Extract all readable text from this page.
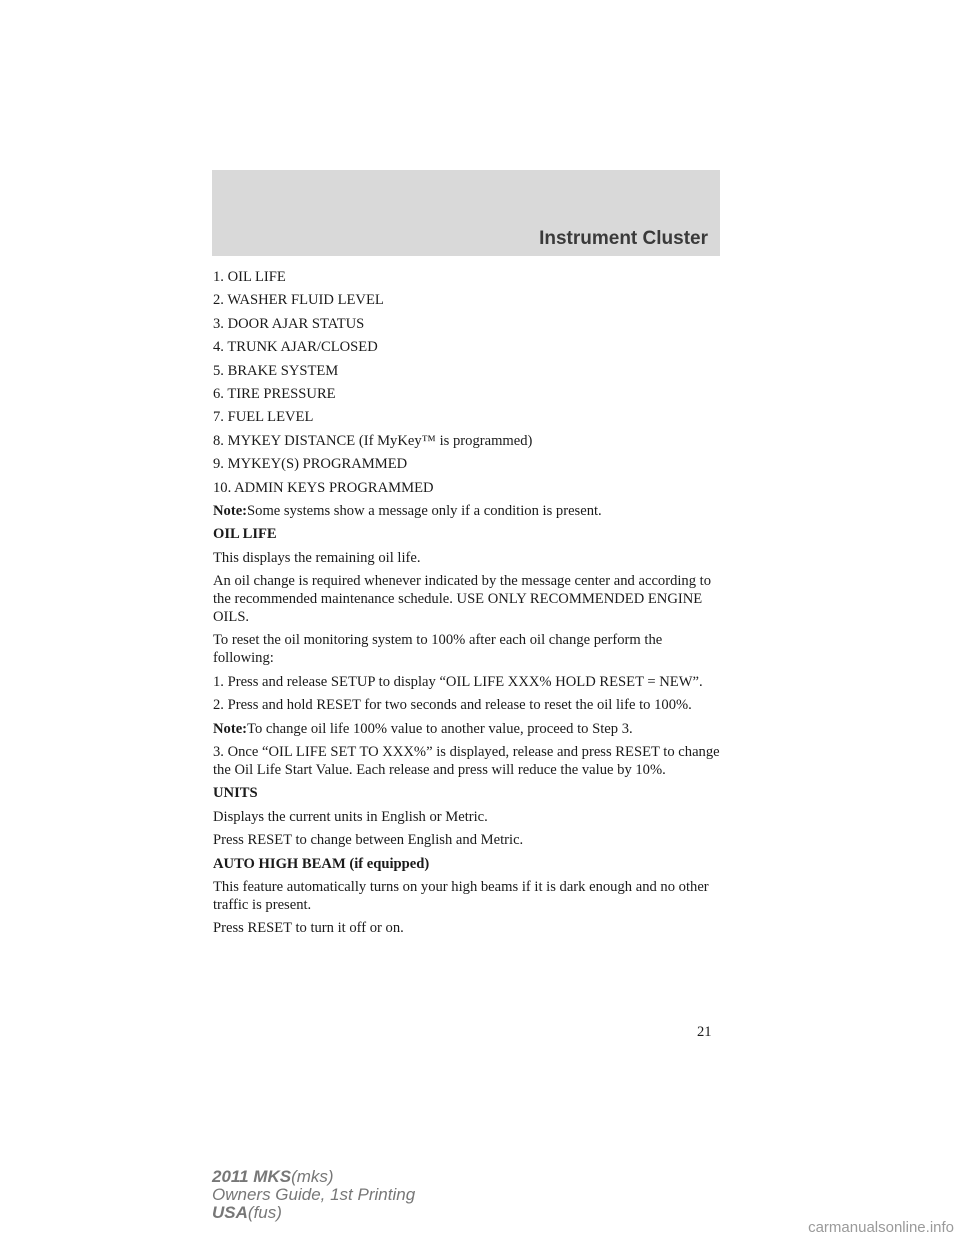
Instrument Cluster
1. OIL LIFE
2. WASHER FLUID LEVEL
3. DOOR AJAR STATUS
4. TRUNK AJAR/CLOSED
5. BRAKE SYSTEM
6. TIRE PRESSURE
7. FUEL LEVEL
8. MYKEY DISTANCE (If MyKey™ is programmed)
9. MYKEY(S) PROGRAMMED
10. ADMIN KEYS PROGRAMMED
Note:Some systems show a message only if a condition is present.
OIL LIFE
This displays the remaining oil life.
An oil change is required whenever indicated by the message center and according to the recommended maintenance schedule. USE ONLY RECOMMENDED ENGINE OILS.
To reset the oil monitoring system to 100% after each oil change perform the following:
1. Press and release SETUP to display “OIL LIFE XXX% HOLD RESET = NEW”.
2. Press and hold RESET for two seconds and release to reset the oil life to 100%.
Note:To change oil life 100% value to another value, proceed to Step 3.
3. Once “OIL LIFE SET TO XXX%” is displayed, release and press RESET to change the Oil Life Start Value. Each release and press will reduce the value by 10%.
UNITS
Displays the current units in English or Metric.
Press RESET to change between English and Metric.
AUTO HIGH BEAM (if equipped)
This feature automatically turns on your high beams if it is dark enough and no other traffic is present.
Press RESET to turn it off or on.
21
2011 MKS(mks)
Owners Guide, 1st Printing
USA(fus)
carmanualsonline.info
